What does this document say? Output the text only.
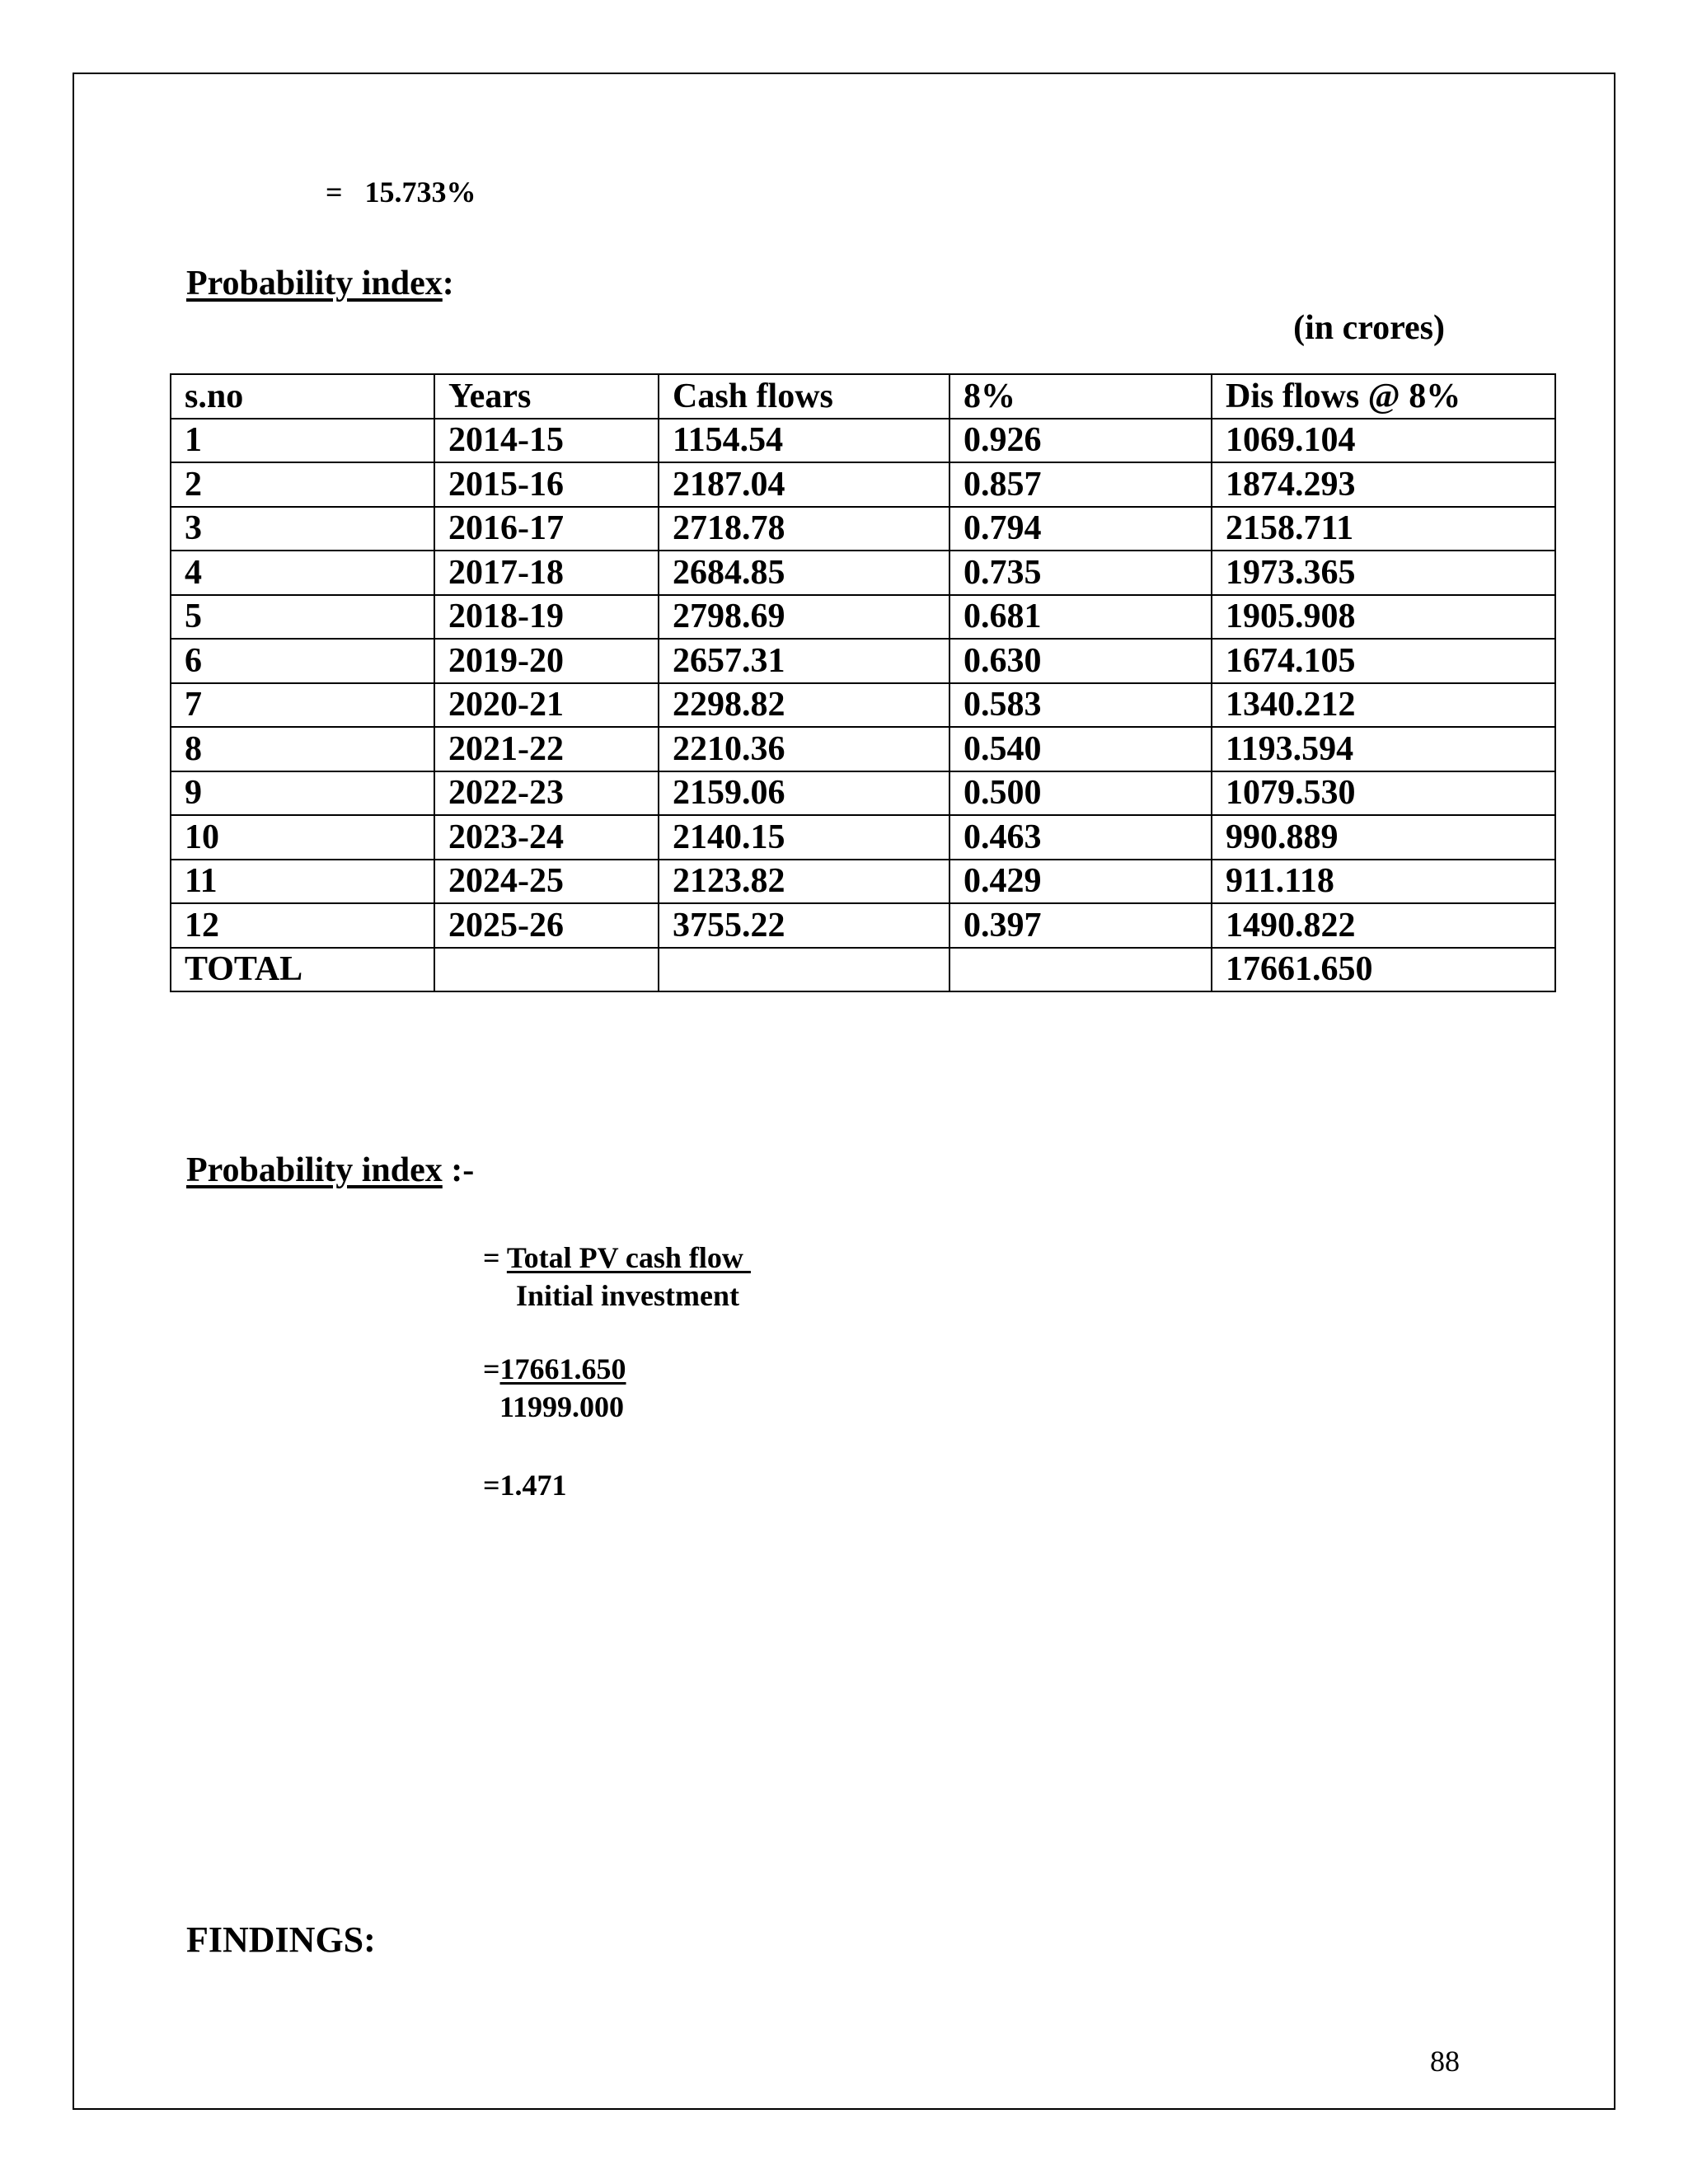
= 15.733%
Probability index:
(in crores)
s.no	Years	Cash flows	8%	Dis flows @ 8%
1	2014-15	1154.54	0.926	1069.104
2	2015-16	2187.04	0.857	1874.293
3	2016-17	2718.78	0.794	2158.711
4	2017-18	2684.85	0.735	1973.365
5	2018-19	2798.69	0.681	1905.908
6	2019-20	2657.31	0.630	1674.105
7	2020-21	2298.82	0.583	1340.212
8	2021-22	2210.36	0.540	1193.594
9	2022-23	2159.06	0.500	1079.530
10	2023-24	2140.15	0.463	990.889
11	2024-25	2123.82	0.429	911.118
12	2025-26	3755.22	0.397	1490.822
TOTAL				17661.650
Probability index :-
= Total PV cash flow
Initial investment
=17661.650
11999.000
=1.471
FINDINGS:
88
